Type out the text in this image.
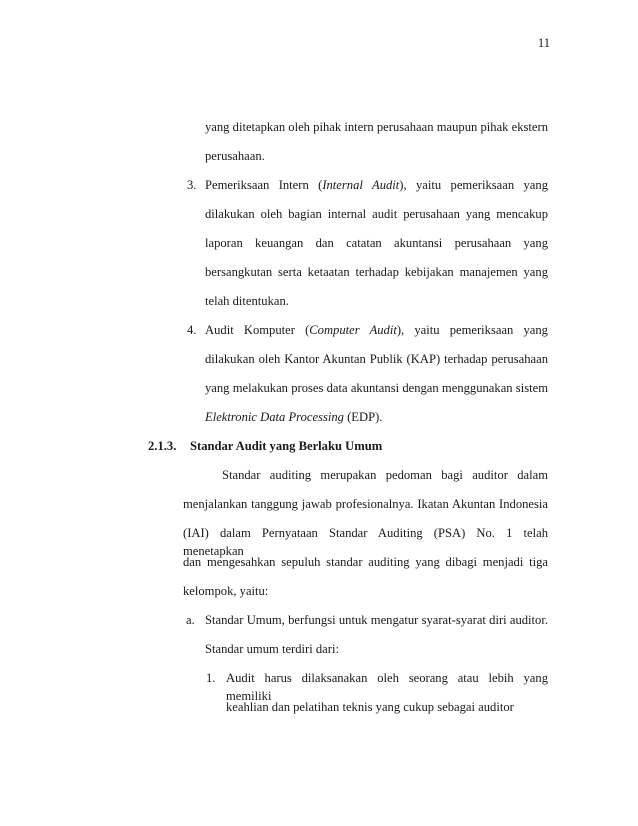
11
yang ditetapkan oleh pihak intern perusahaan maupun pihak ekstern
perusahaan.
3. Pemeriksaan Intern (Internal Audit), yaitu pemeriksaan yang
dilakukan oleh bagian internal audit perusahaan yang mencakup
laporan keuangan dan catatan akuntansi perusahaan yang
bersangkutan serta ketaatan terhadap kebijakan manajemen yang
telah ditentukan.
4. Audit Komputer (Computer Audit), yaitu pemeriksaan yang
dilakukan oleh Kantor Akuntan Publik (KAP) terhadap perusahaan
yang melakukan proses data akuntansi dengan menggunakan sistem
Elektronic Data Processing (EDP).
2.1.3. Standar Audit yang Berlaku Umum
Standar auditing merupakan pedoman bagi auditor dalam
menjalankan tanggung jawab profesionalnya. Ikatan Akuntan Indonesia
(IAI) dalam Pernyataan Standar Auditing (PSA) No. 1 telah menetapkan
dan mengesahkan sepuluh standar auditing yang dibagi menjadi tiga
kelompok, yaitu:
a. Standar Umum, berfungsi untuk mengatur syarat-syarat diri auditor.
Standar umum terdiri dari:
1. Audit harus dilaksanakan oleh seorang atau lebih yang memiliki
keahlian dan pelatihan teknis yang cukup sebagai auditor
